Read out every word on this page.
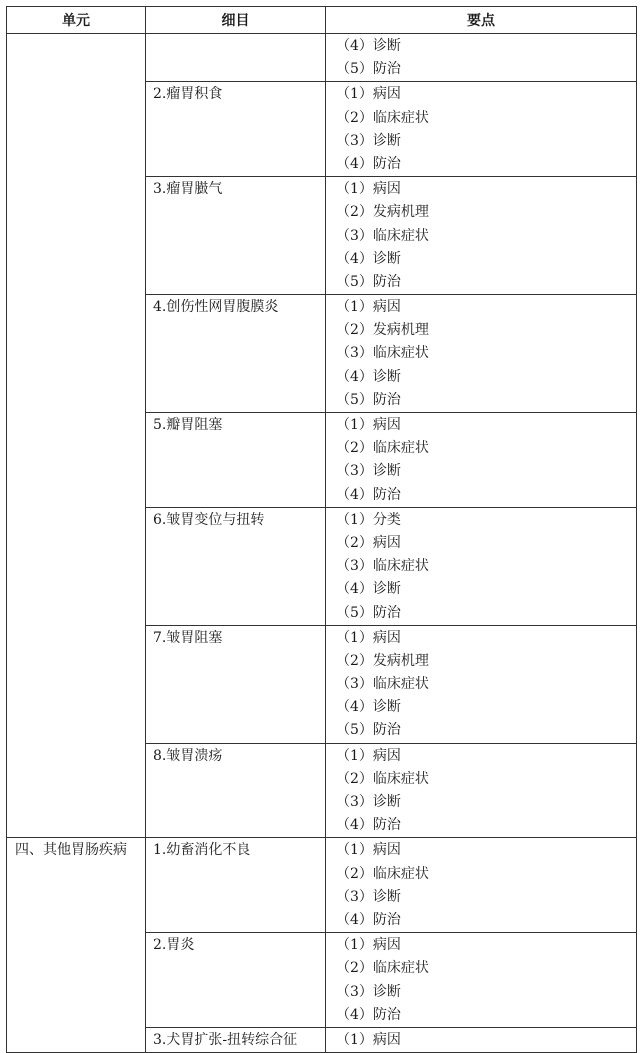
单元	细目	要点

		（4）诊断
（5）防治

	2.瘤胃积食	（1）病因
（2）临床症状
（3）诊断
（4）防治

	3.瘤胃臌气	（1）病因
（2）发病机理
（3）临床症状
（4）诊断
（5）防治

	4.创伤性网胃腹膜炎	（1）病因
（2）发病机理
（3）临床症状
（4）诊断
（5）防治

	5.瓣胃阻塞	（1）病因
（2）临床症状
（3）诊断
（4）防治

	6.皱胃变位与扭转	（1）分类
（2）病因
（3）临床症状
（4）诊断
（5）防治

	7.皱胃阻塞	（1）病因
（2）发病机理
（3）临床症状
（4）诊断
（5）防治

	8.皱胃溃疡	（1）病因
（2）临床症状
（3）诊断
（4）防治

四、其他胃肠疾病	1.幼畜消化不良	（1）病因
（2）临床症状
（3）诊断
（4）防治

	2.胃炎	（1）病因
（2）临床症状
（3）诊断
（4）防治

	3.犬胃扩张-扭转综合征	（1）病因
